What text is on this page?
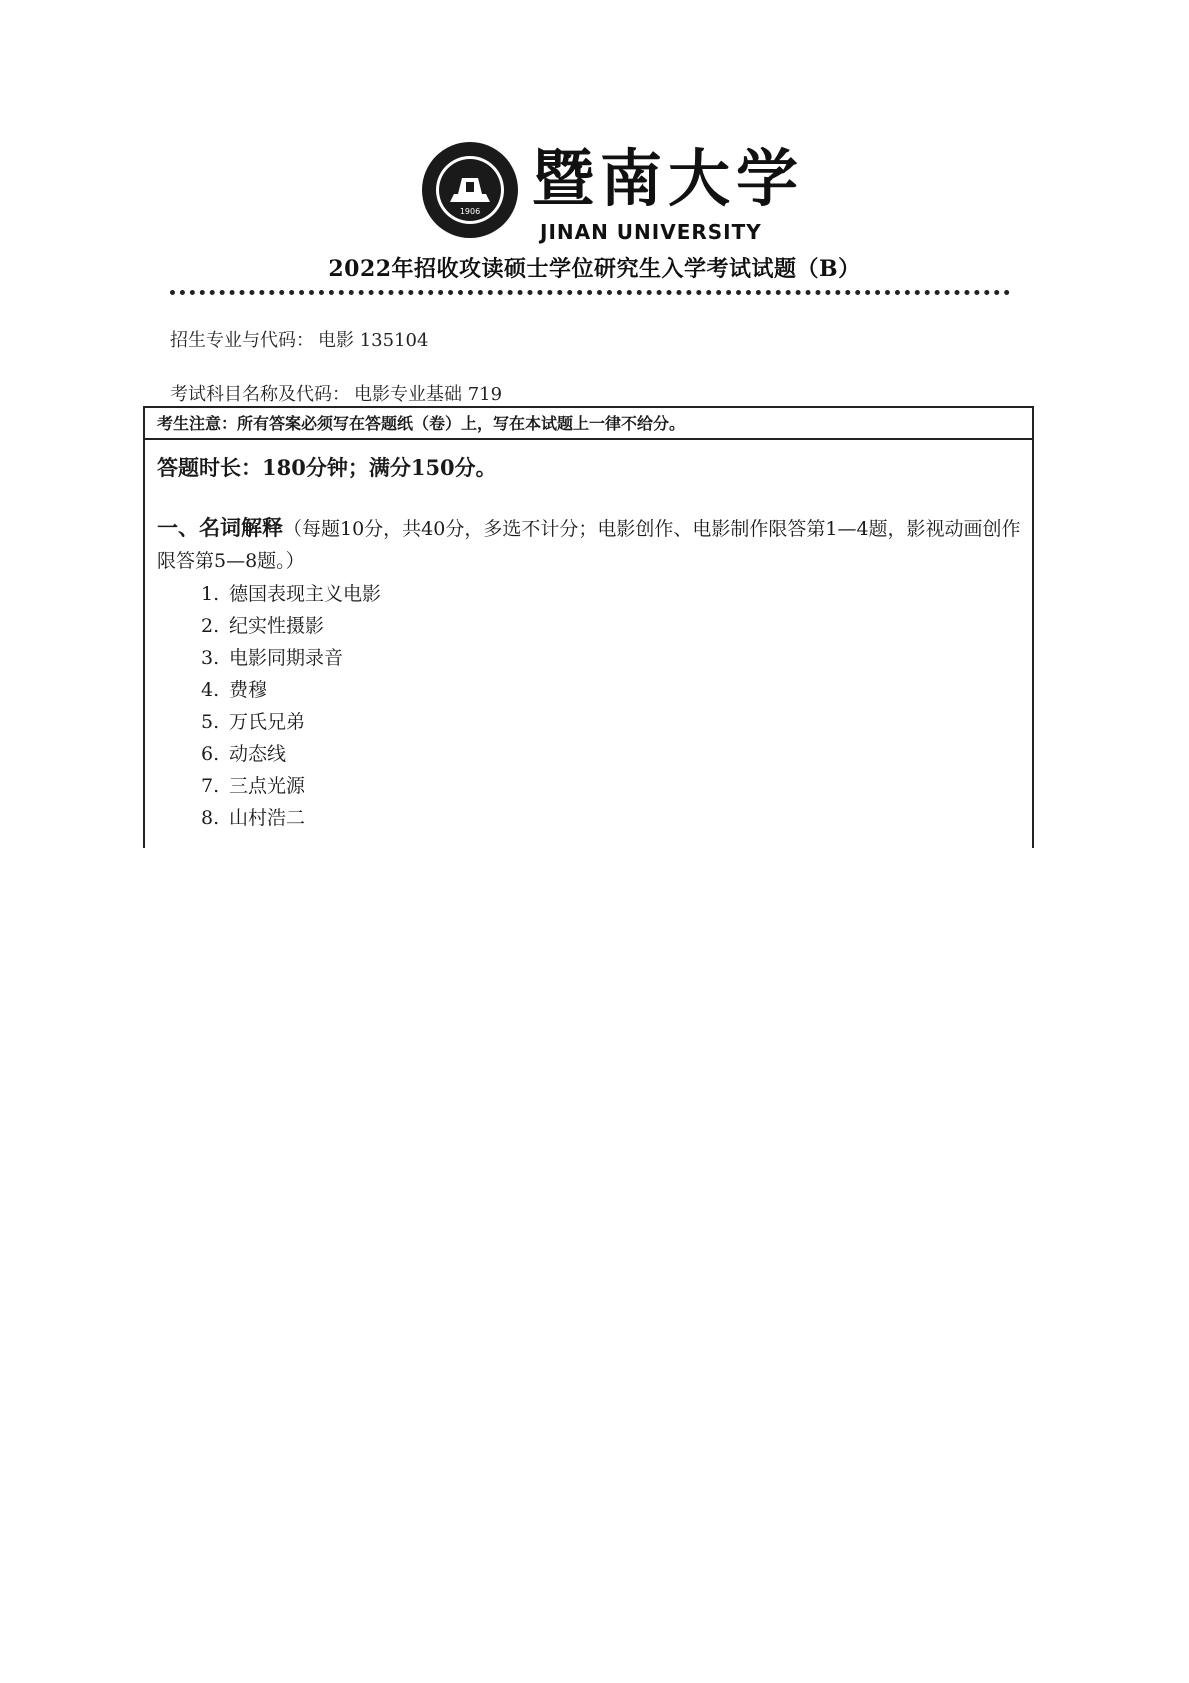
1906 暨南大学
JINAN UNIVERSITY
2022年招收攻读硕士学位研究生入学考试试题（B）
招生专业与代码： 电影 135104
考试科目名称及代码： 电影专业基础 719
考生注意：所有答案必须写在答题纸（卷）上，写在本试题上一律不给分。
答题时长：180分钟；满分150分。
一、名词解释（每题10分，共40分，多选不计分；电影创作、电影制作限答第1—4题，影视动画创作限答第5—8题。）
1. 德国表现主义电影
2. 纪实性摄影
3. 电影同期录音
4. 费穆
5. 万氏兄弟
6. 动态线
7. 三点光源
8. 山村浩二
